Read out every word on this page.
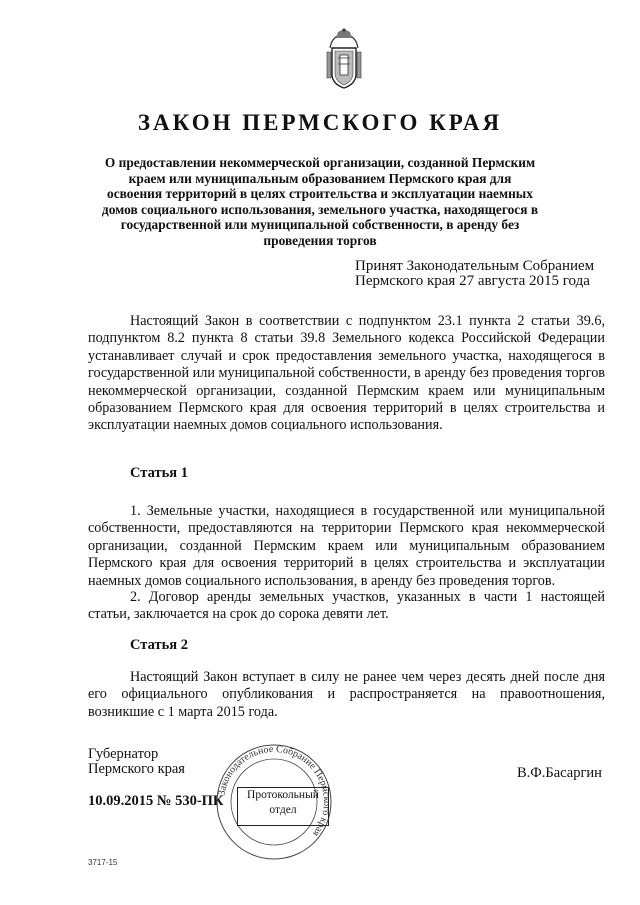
ЗАКОН ПЕРМСКОГО КРАЯ

О предоставлении некоммерческой организации, созданной Пермским краем или муниципальным образованием Пермского края для освоения территорий в целях строительства и эксплуатации наемных домов социального использования, земельного участка, находящегося в государственной или муниципальной собственности, в аренду без проведения торгов

Принят Законодательным Собранием
Пермского края 27 августа 2015 года

Настоящий Закон в соответствии с подпунктом 23.1 пункта 2 статьи 39.6, подпунктом 8.2 пункта 8 статьи 39.8 Земельного кодекса Российской Федерации устанавливает случай и срок предоставления земельного участка, находящегося в государственной или муниципальной собственности, в аренду без проведения торгов некоммерческой организации, созданной Пермским краем или муниципальным образованием Пермского края для освоения территорий в целях строительства и эксплуатации наемных домов социального использования.

Статья 1

1. Земельные участки, находящиеся в государственной или муниципальной собственности, предоставляются на территории Пермского края некоммерческой организации, созданной Пермским краем или муниципальным образованием Пермского края для освоения территорий в целях строительства и эксплуатации наемных домов социального использования, в аренду без проведения торгов.

2. Договор аренды земельных участков, указанных в части 1 настоящей статьи, заключается на срок до сорока девяти лет.

Статья 2

Настоящий Закон вступает в силу не ранее чем через десять дней после дня его официального опубликования и распространяется на правоотношения, возникшие с 1 марта 2015 года.

Губернатор
Пермского края	В.Ф.Басаргин
10.09.2015 № 530-ПК
Законодательное Собрание Пермского края
Протокольный
отдел
3717-15
